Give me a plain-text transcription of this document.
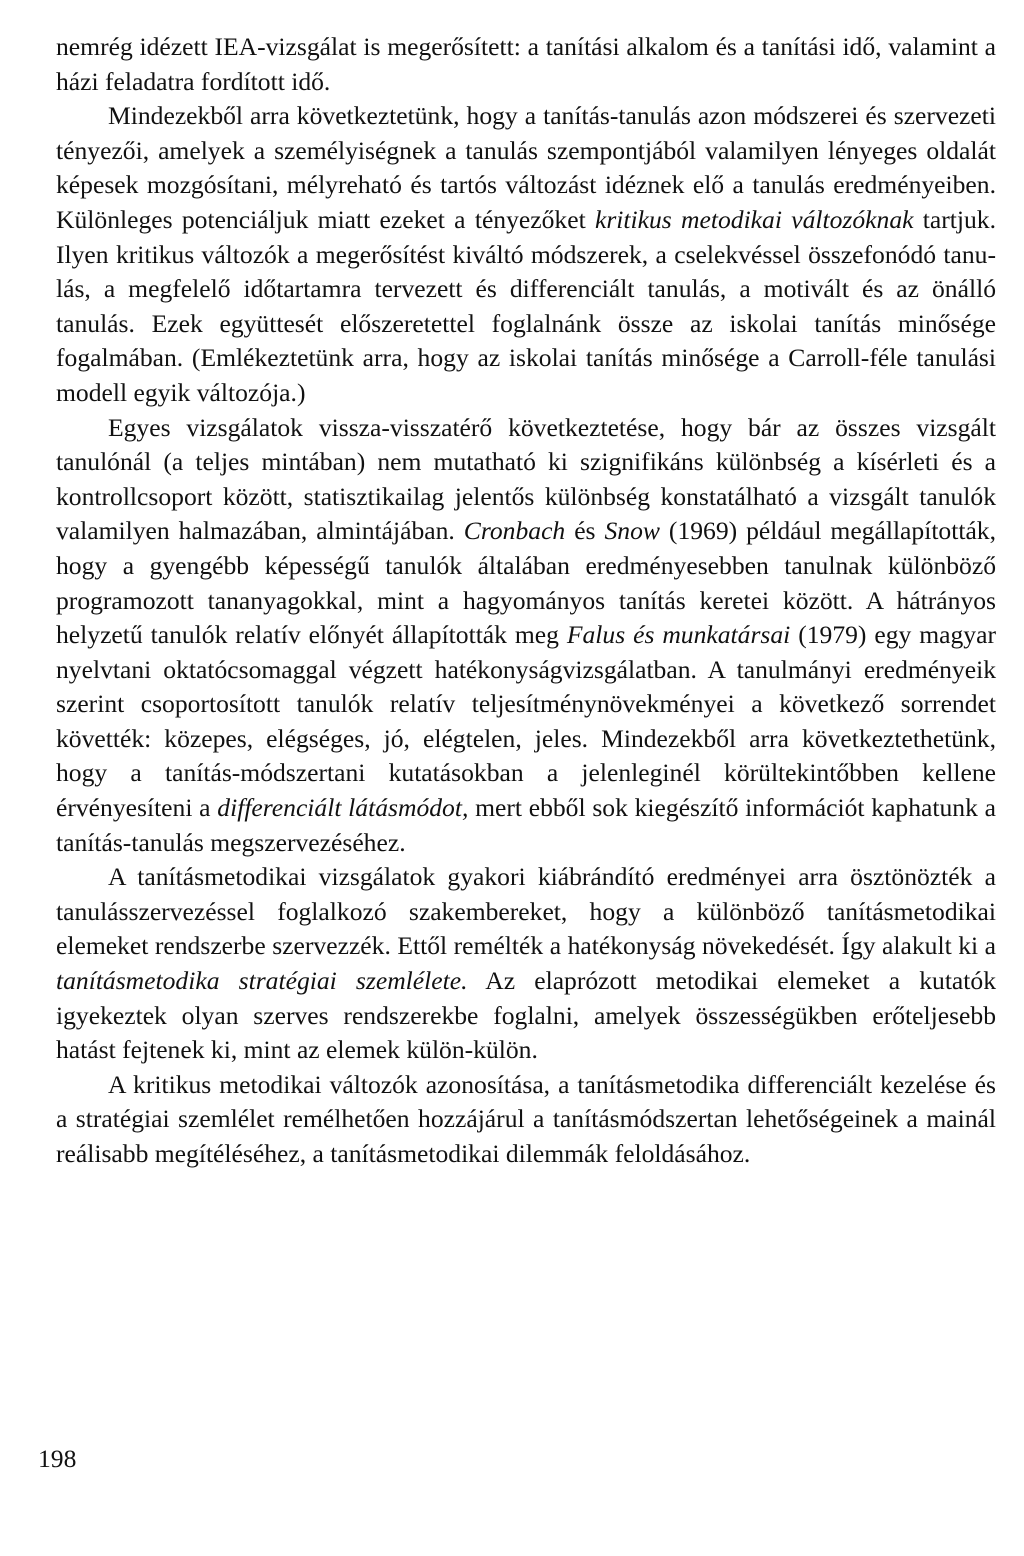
nemrég idézett IEA-vizsgálat is megerősített: a tanítási alkalom és a tanítási idő, valamint a házi feladatra fordított idő.

Mindezekből arra következtetünk, hogy a tanítás-tanulás azon módszerei és szervezeti tényezői, amelyek a személyiségnek a tanulás szempontjából valamilyen lényeges oldalát képesek mozgósítani, mélyreható és tartós változást idéznek elő a tanulás eredményeiben. Különleges potenciáljuk miatt ezeket a tényezőket kritikus metodikai változóknak tartjuk. Ilyen kritikus változók a megerősítést kiváltó módszerek, a cselekvéssel összefonódó tanulás, a megfelelő időtartamra tervezett és differenciált tanulás, a motivált és az önálló tanulás. Ezek együttesét előszeretettel foglalnánk össze az iskolai tanítás minősége fogalmában. (Emlékeztetünk arra, hogy az iskolai tanítás minősége a Carroll-féle tanulási modell egyik változója.)

Egyes vizsgálatok vissza-visszatérő következtetése, hogy bár az összes vizsgált tanulónál (a teljes mintában) nem mutatható ki szignifikáns különbség a kísérleti és a kontrollcsoport között, statisztikailag jelentős különbség konstatálható a vizsgált tanulók valamilyen halmazában, almintájában. Cronbach és Snow (1969) például megállapították, hogy a gyengébb képességű tanulók általában eredményesebben tanulnak különböző programozott tananyagokkal, mint a hagyományos tanítás keretei között. A hátrányos helyzetű tanulók relatív előnyét állapították meg Falus és munkatársai (1979) egy magyar nyelvtani oktatócsomaggal végzett hatékonyságvizsgálatban. A tanulmányi eredményeik szerint csoportosított tanulók relatív teljesítménynövekményei a következő sorrendet követték: közepes, elégséges, jó, elégtelen, jeles. Mindezekből arra következtethetünk, hogy a tanítás-módszertani kutatásokban a jelenleginél körültekintőbben kellene érvényesíteni a differenciált látásmódot, mert ebből sok kiegészítő információt kaphatunk a tanítás-tanulás megszervezéséhez.

A tanításmetodikai vizsgálatok gyakori kiábrándító eredményei arra ösztönözték a tanulásszervezéssel foglalkozó szakembereket, hogy a különböző tanításmetodikai elemeket rendszerbe szervezzék. Ettől remélték a hatékonyság növekedését. Így alakult ki a tanításmetodika stratégiai szemlélete. Az elaprózott metodikai elemeket a kutatók igyekeztek olyan szerves rendszerekbe foglalni, amelyek összességükben erőteljesebb hatást fejtenek ki, mint az elemek külön-külön.

A kritikus metodikai változók azonosítása, a tanításmetodika differenciált kezelése és a stratégiai szemlélet remélhetően hozzájárul a tanításmódszertan lehetőségeinek a mainál reálisabb megítéléséhez, a tanításmetodikai dilemmák feloldásához.

198
